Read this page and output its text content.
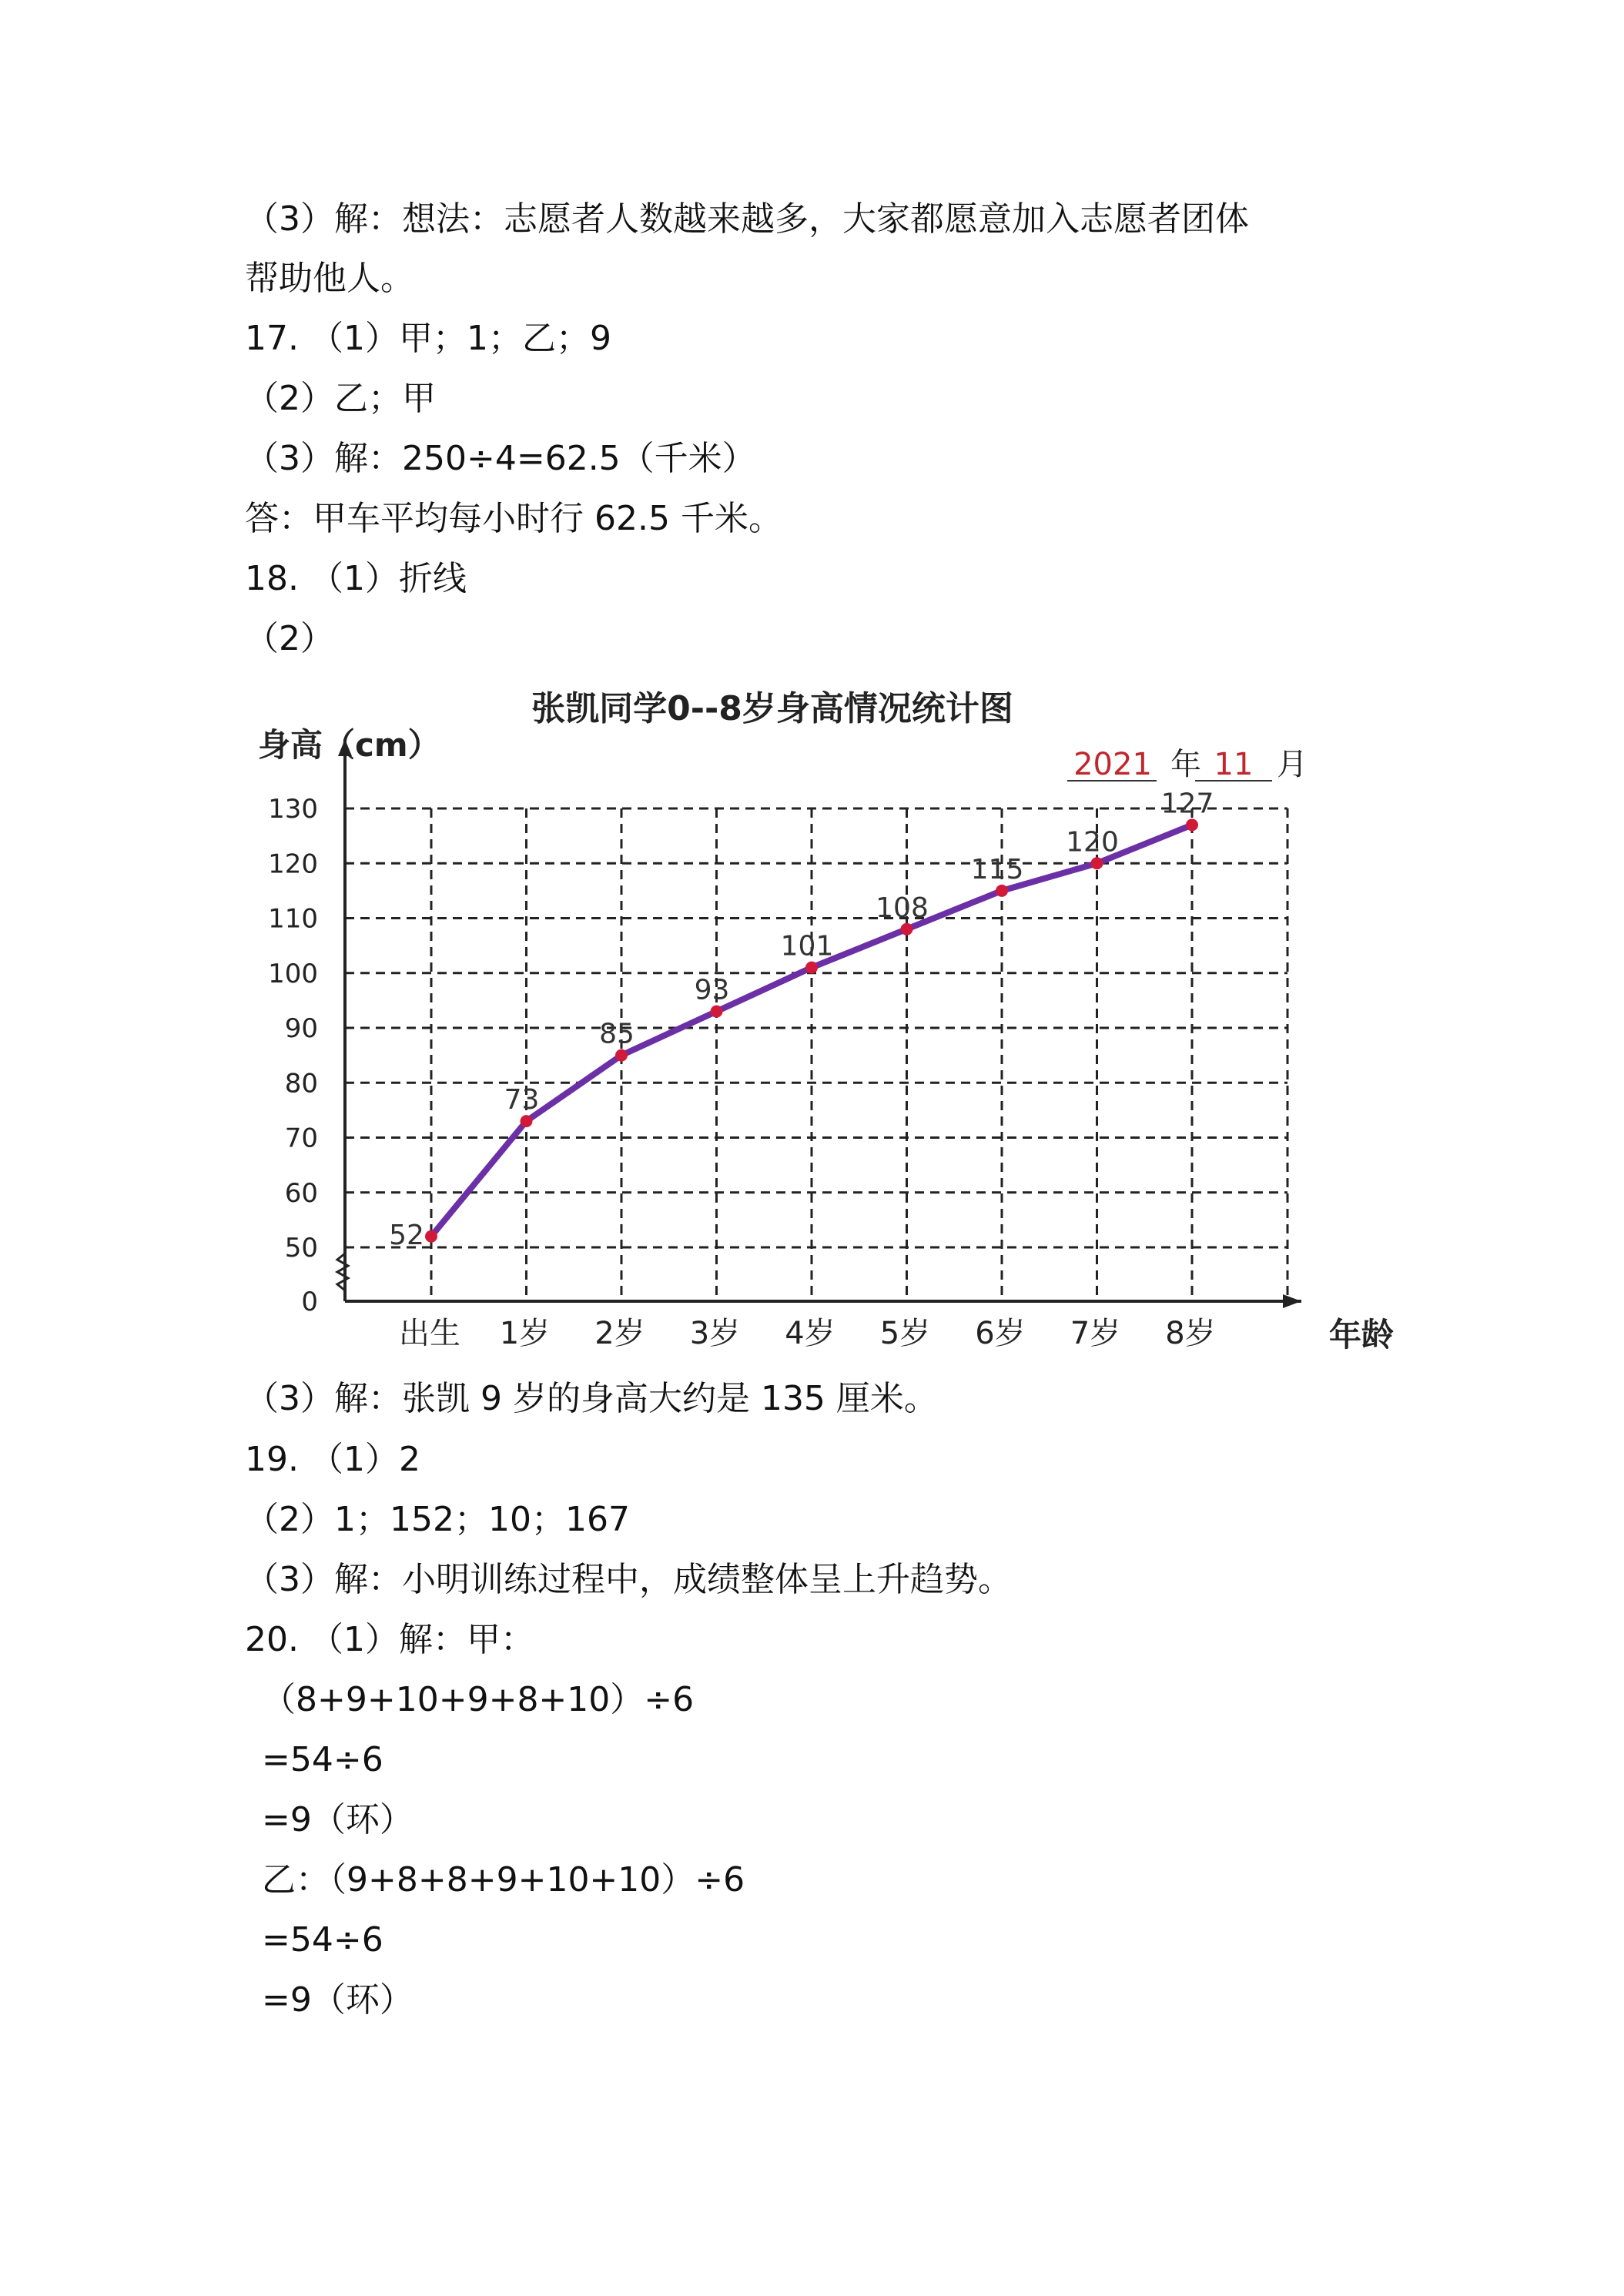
（3）解：想法：志愿者人数越来越多，大家都愿意加入志愿者团体
帮助他人。
17. （1）甲；1；乙；9
（2）乙；甲
（3）解：250÷4=62.5（千米）
答：甲车平均每小时行 62.5 千米。
18. （1）折线
（2）
（3）解：张凯 9 岁的身高大约是 135 厘米。
19. （1）2
（2）1；152；10；167
（3）解：小明训练过程中，成绩整体呈上升趋势。
20. （1）解：甲：
（8+9+10+9+8+10）÷6
=54÷6
=9（环）
乙：（9+8+8+9+10+10）÷6
=54÷6
=9（环）
0
50
60
70
80
90
100
110
120
130
出生 1岁 2岁 3岁 4岁 5岁 6岁 7岁 8岁
身高（cm）
年龄
张凯同学0--8岁身高情况统计图
2021 年 11 月
52
73
85
93
101
108
115
120
127
